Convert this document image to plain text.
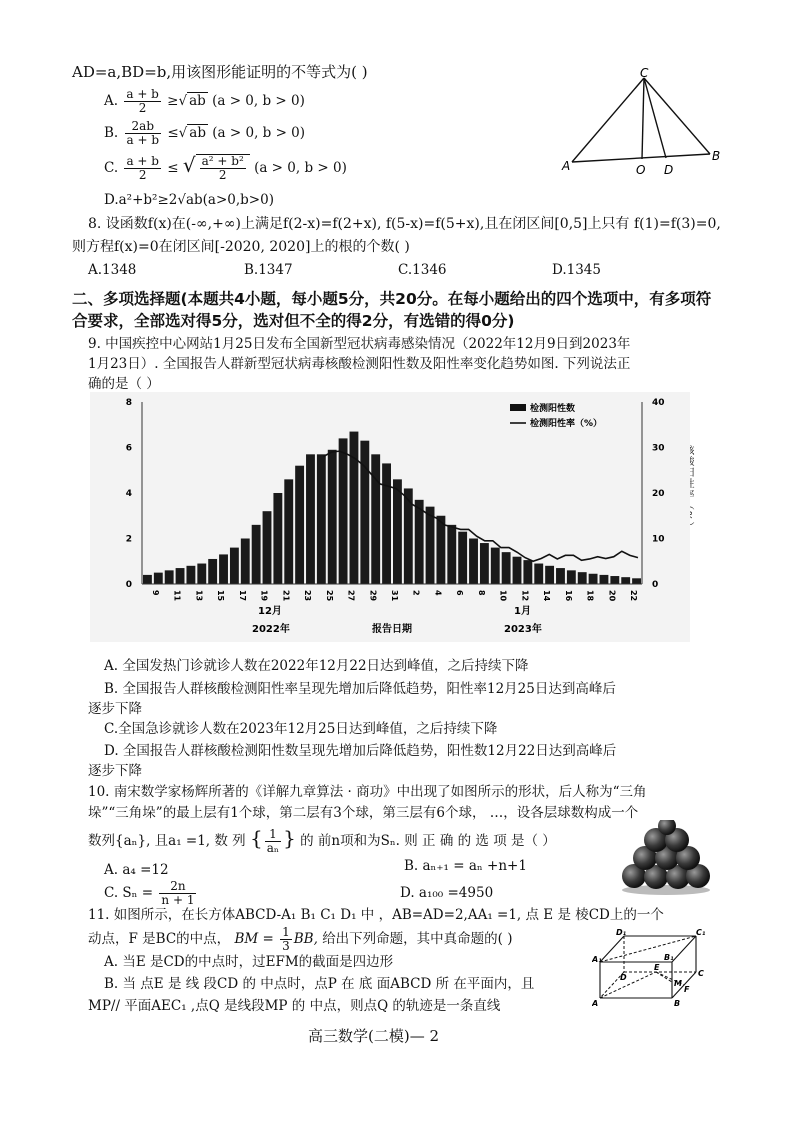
AD=a,BD=b,用该图形能证明的不等式为( )
A. $\frac{a + b}{2}$ ≥√ ab (a > 0, b > 0)
B. $\frac{2ab}{a + b}$ ≤√ ab (a > 0, b > 0)
C. $\frac{a + b}{2}$ ≤ √ $\frac{\text{a² + b²}}{2} (a > 0$, b > 0)
D.a²+b²≥2√ab(a>0,b>0)
C
A	O D
B
8. 设函数f(x)在(-∞,+∞)上满足f(2-x)=f(2+x), f(5-x)=f(5+x),且在闭区间[0,5]上只有 f(1)=f(3)=0,
则方程f(x)=0在闭区间[-2020, 2020]上的根的个数( )
A.1348	B.1347	C.1346	D.1345
二、多项选择题(本题共4小题，每小题5分，共20分。在每小题给出的四个选项中，有多项符
合要求，全部选对得5分，选对但不全的得2分，有选错的得0分)
9. 中国疾控中心网站1月25日发布全国新型冠状病毒感染情况（2022年12月9日到2023年
1月23日）. 全国报告人群新型冠状病毒核酸检测阳性数及阳性率变化趋势如图. 下列说法正
确的是（ ）
0
2
4
6
8
0
10
20
30
40
9 11 13 15 17 19 21 23 25 27 29 31 2 4 6 8 10 12 14 16 18 20 22
检测阳性数
检测阳性率（%）
12月	1月
2022年	2023年
报告日期
A. 全国发热门诊就诊人数在2022年12月22日达到峰值，之后持续下降
B. 全国报告人群核酸检测阳性率呈现先增加后降低趋势，阳性率12月25日达到高峰后
逐步下降
C.全国急诊就诊人数在2023年12月25日达到峰值，之后持续下降
D. 全国报告人群核酸检测阳性数呈现先增加后降低趋势，阳性数12月22日达到高峰后
逐步下降
10. 南宋数学家杨辉所著的《详解九章算法 · 商功》中出现了如图所示的形状，后人称为“三角
垛”“三角垛”的最上层有1个球，第二层有3个球，第三层有6个球， …，设各层球数构成一个
数列{aₙ}, 且a₁ =1, 数 列 { $\frac{1}{\text{aₙ}}$ } 的 前n项和为Sₙ. 则 正 确 的 选 项 是（ ）
A. a₄ =12	B. aₙ₊₁ = aₙ +n+1
C. $S_n = \frac{2n}{n + 1}$	D. a₁₀₀ =4950
11. 如图所示，在长方体ABCD-A₁ B₁ C₁ D₁ 中 ，AB=AD=2,AA₁ =1, 点 E 是 棱CD上的一个
动点，F 是BC的中点， BM = $\frac{1}{3}$ BB, 给出下列命题，其中真命题的( )
A. 当E 是CD的中点时，过EFM的截面是四边形
B. 当 点E 是 线 段CD 的 中点时，点P 在 底 面ABCD 所 在平面内，且
MP// 平面AEC₁ ,点Q 是线段MP 的 中点，则点Q 的轨迹是一条直线
D₁	C₁
A₁	B₁
D
E
C
A
F
B
M
高三数学(二模)— 2
